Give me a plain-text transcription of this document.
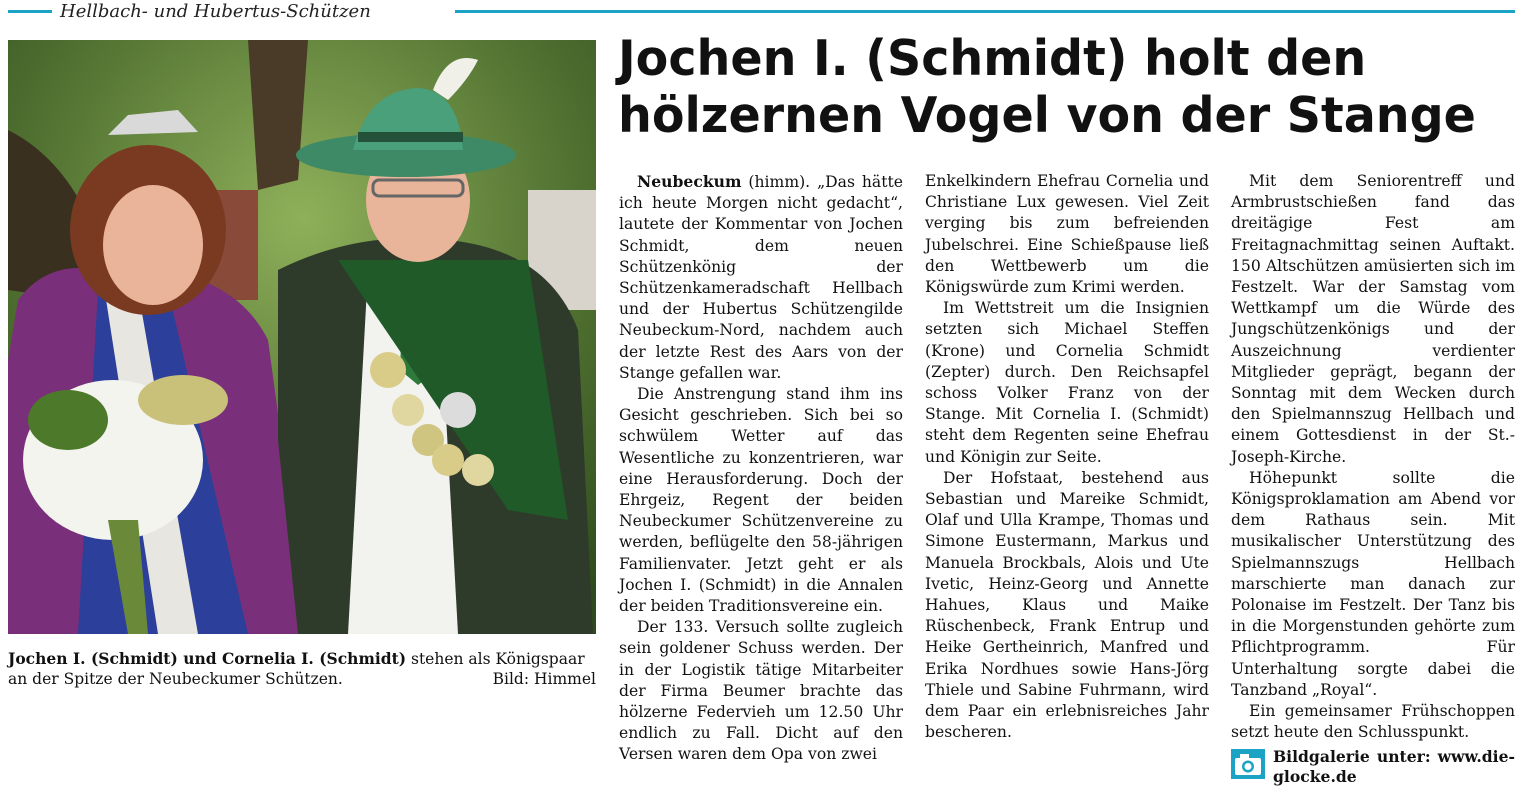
Hellbach- und Hubertus-Schützen
Jochen I. (Schmidt) und Cornelia I. (Schmidt) stehen als Königspaar an der Spitze der Neubeckumer Schützen.	Bild: Himmel
Jochen I. (Schmidt) holt den hölzernen Vogel von der Stange

Neubeckum (himm). „Das hätte ich heute Morgen nicht gedacht“, lautete der Kommentar von Jochen Schmidt, dem neuen Schützenkönig der Schützenkameradschaft Hellbach und der Hubertus Schützengilde Neubeckum-Nord, nachdem auch der letzte Rest des Aars von der Stange gefallen war.

Die Anstrengung stand ihm ins Gesicht geschrieben. Sich bei so schwülem Wetter auf das Wesentliche zu konzentrieren, war eine Herausforderung. Doch der Ehrgeiz, Regent der beiden Neubeckumer Schützenvereine zu werden, beflügelte den 58-jährigen Familienvater. Jetzt geht er als Jochen I. (Schmidt) in die Annalen der beiden Traditionsvereine ein.

Der 133. Versuch sollte zugleich sein goldener Schuss werden. Der in der Logistik tätige Mitarbeiter der Firma Beumer brachte das hölzerne Federvieh um 12.50 Uhr endlich zu Fall. Dicht auf den Versen waren dem Opa von zwei

Enkelkindern Ehefrau Cornelia und Christiane Lux gewesen. Viel Zeit verging bis zum befreienden Jubelschrei. Eine Schießpause ließ den Wettbewerb um die Königswürde zum Krimi werden.

Im Wettstreit um die Insignien setzten sich Michael Steffen (Krone) und Cornelia Schmidt (Zepter) durch. Den Reichsapfel schoss Volker Franz von der Stange. Mit Cornelia I. (Schmidt) steht dem Regenten seine Ehefrau und Königin zur Seite.

Der Hofstaat, bestehend aus Sebastian und Mareike Schmidt, Olaf und Ulla Krampe, Thomas und Simone Eustermann, Markus und Manuela Brockbals, Alois und Ute Ivetic, Heinz-Georg und Annette Hahues, Klaus und Maike Rüschenbeck, Frank Entrup und Heike Gertheinrich, Manfred und Erika Nordhues sowie Hans-Jörg Thiele und Sabine Fuhrmann, wird dem Paar ein erlebnisreiches Jahr bescheren.

Mit dem Seniorentreff und Armbrustschießen fand das dreitägige Fest am Freitagnachmittag seinen Auftakt. 150 Altschützen amüsierten sich im Festzelt. War der Samstag vom Wettkampf um die Würde des Jungschützenkönigs und der Auszeichnung verdienter Mitglieder geprägt, begann der Sonntag mit dem Wecken durch den Spielmannszug Hellbach und einem Gottesdienst in der St.-Joseph-Kirche.

Höhepunkt sollte die Königsproklamation am Abend vor dem Rathaus sein. Mit musikalischer Unterstützung des Spielmannszugs Hellbach marschierte man danach zur Polonaise im Festzelt. Der Tanz bis in die Morgenstunden gehörte zum Pflichtprogramm. Für Unterhaltung sorgte dabei die Tanzband „Royal“.

Ein gemeinsamer Frühschoppen setzt heute den Schlusspunkt.

Bildgalerie unter: www.dieglocke.de
